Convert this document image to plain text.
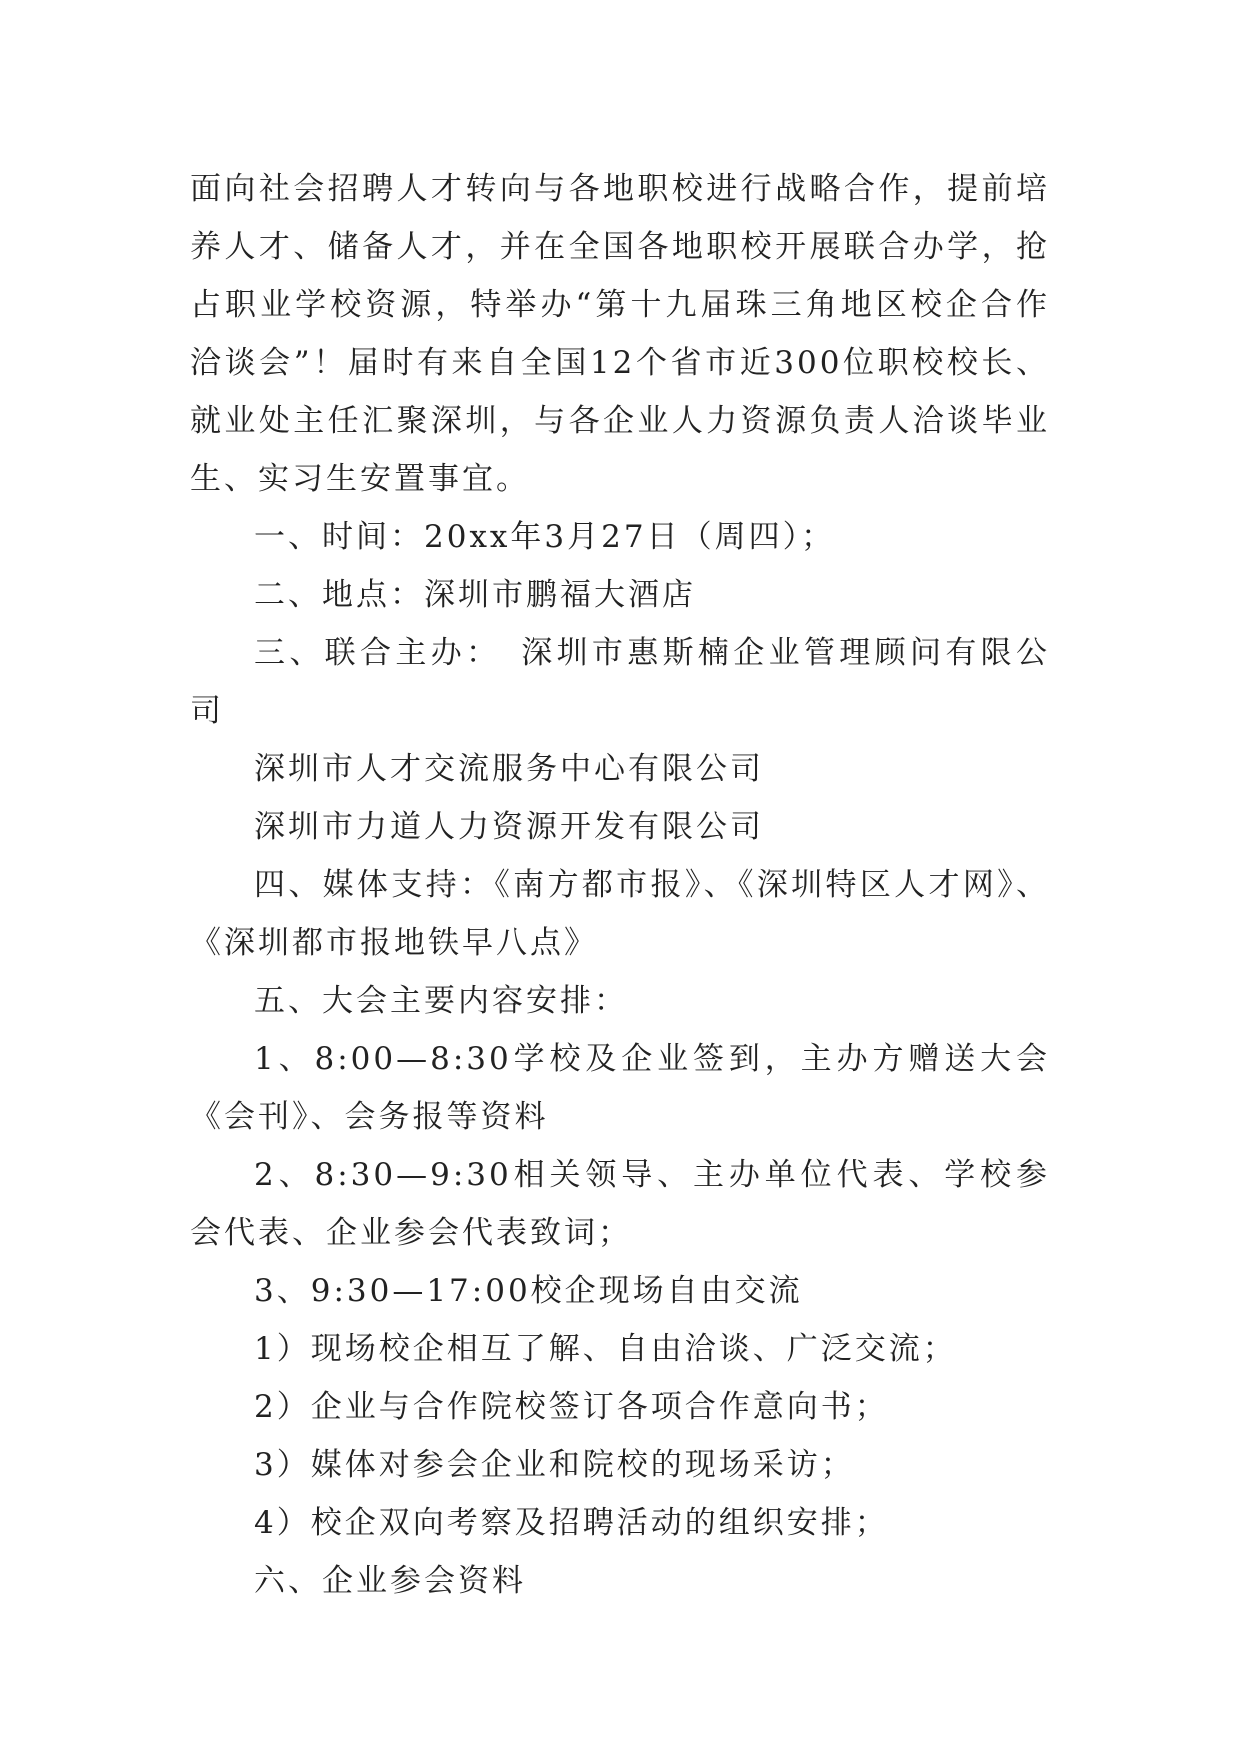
面向社会招聘人才转向与各地职校进行战略合作，提前培养人才、储备人才，并在全国各地职校开展联合办学，抢占职业学校资源，特举办“第十九届珠三角地区校企合作洽谈会”！届时有来自全国12个省市近300位职校校长、就业处主任汇聚深圳，与各企业人力资源负责人洽谈毕业生、实习生安置事宜。

一、时间：20xx年3月27日（周四）；

二、地点：深圳市鹏福大酒店

三、联合主办：　深圳市惠斯楠企业管理顾问有限公司

深圳市人才交流服务中心有限公司

深圳市力道人力资源开发有限公司

四、媒体支持：《南方都市报》、《深圳特区人才网》、《深圳都市报地铁早八点》

五、大会主要内容安排：

1、8:00—8:30学校及企业签到，主办方赠送大会《会刊》、会务报等资料

2、8:30—9:30相关领导、主办单位代表、学校参会代表、企业参会代表致词；

3、9:30—17:00校企现场自由交流

1）现场校企相互了解、自由洽谈、广泛交流；

2）企业与合作院校签订各项合作意向书；

3）媒体对参会企业和院校的现场采访；

4）校企双向考察及招聘活动的组织安排；

六、企业参会资料
